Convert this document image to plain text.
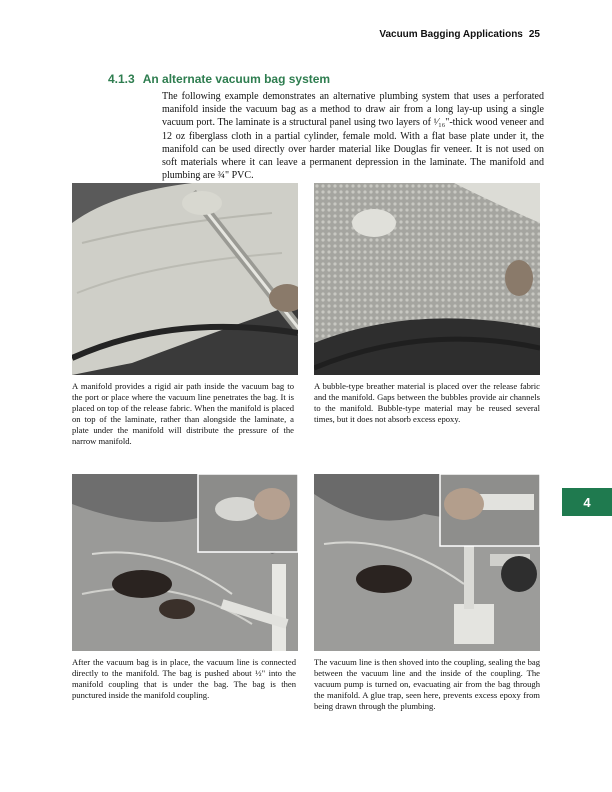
Vacuum Bagging Applications 25
4.1.3 An alternate vacuum bag system

The following example demonstrates an alternative plumbing system that uses a perforated manifold inside the vacuum bag as a method to draw air from a long lay-up using a single vacuum port. The laminate is a structural panel using two layers of ¹⁄₁₆"-thick wood veneer and 12 oz fiberglass cloth in a partial cylinder, female mold. With a flat base plate under it, the manifold can be used directly over harder material like Douglas fir veneer. It is not used on soft materials where it can leave a permanent depression in the laminate. The manifold and plumbing are ¾" PVC.

A manifold provides a rigid air path inside the vacuum bag to the port or place where the vacuum line penetrates the bag. It is placed on top of the release fabric. When the manifold is placed on top of the laminate, rather than alongside the laminate, a plate under the manifold will distribute the pressure of the narrow manifold.
A bubble-type breather material is placed over the release fabric and the manifold. Gaps between the bubbles provide air channels to the manifold. Bubble-type material may be reused several times, but it does not absorb excess epoxy.
After the vacuum bag is in place, the vacuum line is connected directly to the manifold. The bag is pushed about ½" into the manifold coupling that is under the bag. The bag is then punctured inside the manifold coupling.
The vacuum line is then shoved into the coupling, sealing the bag between the vacuum line and the inside of the coupling. The vacuum pump is turned on, evacuating air from the bag through the manifold. A glue trap, seen here, prevents excess epoxy from being drawn through the plumbing.
4
